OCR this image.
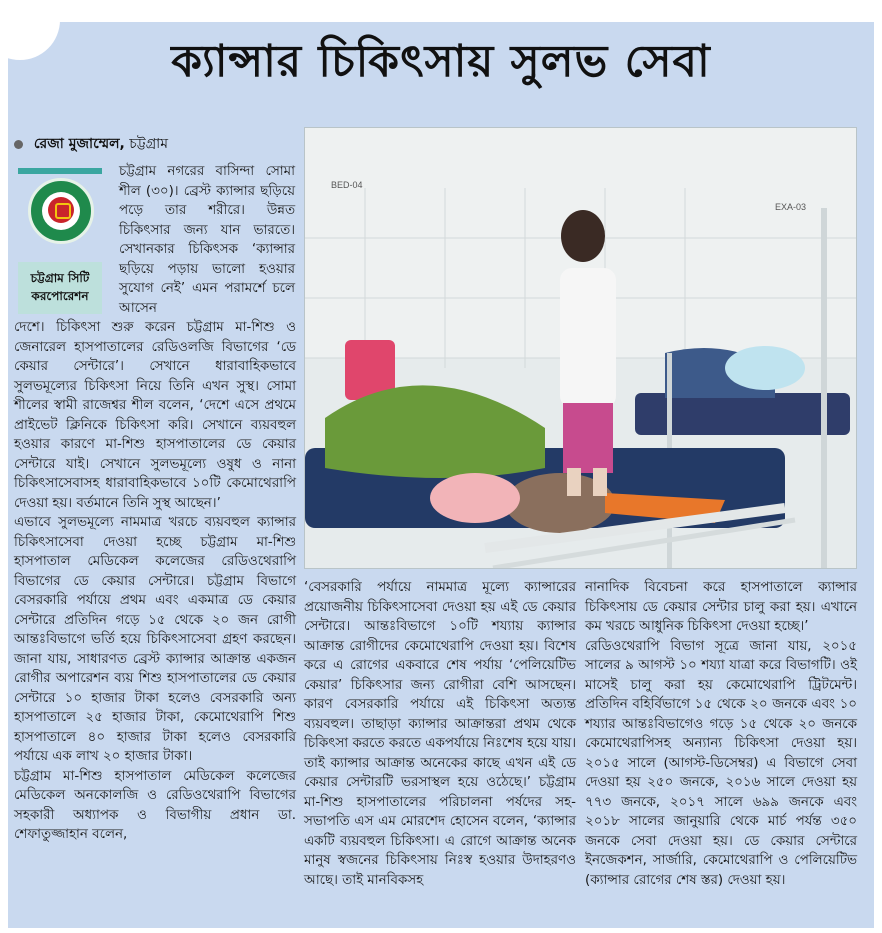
ক্যান্সার চিকিৎসায় সুলভ সেবা
রেজা মুজাম্মেল, চট্টগ্রাম
চট্টগ্রাম সিটি
করপোরেশন

চট্টগ্রাম নগরের বাসিন্দা সোমা শীল (৩০)। ব্রেস্ট ক্যান্সার ছড়িয়ে পড়ে তার শরীরে। উন্নত চিকিৎসার জন্য যান ভারতে। সেখানকার চিকিৎসক ‘ক্যান্সার ছড়িয়ে পড়ায় ভালো হওয়ার সুযোগ নেই’ এমন পরামর্শে চলে আসেন

BED-04
EXA-03

দেশে। চিকিৎসা শুরু করেন চট্টগ্রাম মা-শিশু ও জেনারেল হাসপাতালের রেডিওলজি বিভাগের ‘ডে কেয়ার সেন্টারে’। সেখানে ধারাবাহিকভাবে সুলভমূল্যের চিকিৎসা নিয়ে তিনি এখন সুস্থ। সোমা শীলের স্বামী রাজেশ্বর শীল বলেন, ‘দেশে এসে প্রথমে প্রাইভেট ক্লিনিকে চিকিৎসা করি। সেখানে ব্যয়বহুল হওয়ার কারণে মা-শিশু হাসপাতালের ডে কেয়ার সেন্টারে যাই। সেখানে সুলভমূল্যে ওষুধ ও নানা চিকিৎসাসেবাসহ ধারাবাহিকভাবে ১০টি কেমোথেরাপি দেওয়া হয়। বর্তমানে তিনি সুস্থ আছেন।’

এভাবে সুলভমূল্যে নামমাত্র খরচে ব্যয়বহুল ক্যান্সার চিকিৎসাসেবা দেওয়া হচ্ছে চট্টগ্রাম মা-শিশু হাসপাতাল মেডিকেল কলেজের রেডিওথেরাপি বিভাগের ডে কেয়ার সেন্টারে। চট্টগ্রাম বিভাগে বেসরকারি পর্যায়ে প্রথম এবং একমাত্র ডে কেয়ার সেন্টারে প্রতিদিন গড়ে ১৫ থেকে ২০ জন রোগী আন্তঃবিভাগে ভর্তি হয়ে চিকিৎসাসেবা গ্রহণ করছেন। জানা যায়, সাধারণত ব্রেস্ট ক্যান্সার আক্রান্ত একজন রোগীর অপারেশন ব্যয় শিশু হাসপাতালের ডে কেয়ার সেন্টারে ১০ হাজার টাকা হলেও বেসরকারি অন্য হাসপাতালে ২৫ হাজার টাকা, কেমোথেরাপি শিশু হাসপাতালে ৪০ হাজার টাকা হলেও বেসরকারি পর্যায়ে এক লাখ ২০ হাজার টাকা।

চট্টগ্রাম মা-শিশু হাসপাতাল মেডিকেল কলেজের মেডিকেল অনকোলজি ও রেডিওথেরাপি বিভাগের সহকারী অধ্যাপক ও বিভাগীয় প্রধান ডা. শেফাতুজ্জাহান বলেন,

‘বেসরকারি পর্যায়ে নামমাত্র মূল্যে ক্যান্সারের প্রয়োজনীয় চিকিৎসাসেবা দেওয়া হয় এই ডে কেয়ার সেন্টারে। আন্তঃবিভাগে ১০টি শয্যায় ক্যান্সার আক্রান্ত রোগীদের কেমোথেরাপি দেওয়া হয়। বিশেষ করে এ রোগের একবারে শেষ পর্যায় ‘পেলিয়েটিভ কেয়ার’ চিকিৎসার জন্য রোগীরা বেশি আসছেন। কারণ বেসরকারি পর্যায়ে এই চিকিৎসা অত্যন্ত ব্যয়বহুল। তাছাড়া ক্যান্সার আক্রান্তরা প্রথম থেকে চিকিৎসা করতে করতে একপর্যায়ে নিঃশেষ হয়ে যায়। তাই ক্যান্সার আক্রান্ত অনেকের কাছে এখন এই ডে কেয়ার সেন্টারটি ভরসাস্থল হয়ে ওঠেছে।’ চট্টগ্রাম মা-শিশু হাসপাতালের পরিচালনা পর্ষদের সহ-সভাপতি এস এম মোরশেদ হোসেন বলেন, ‘ক্যান্সার একটি ব্যয়বহুল চিকিৎসা। এ রোগে আক্রান্ত অনেক মানুষ স্বজনের চিকিৎসায় নিঃস্ব হওয়ার উদাহরণও আছে। তাই মানবিকসহ

নানাদিক বিবেচনা করে হাসপাতালে ক্যান্সার চিকিৎসায় ডে কেয়ার সেন্টার চালু করা হয়। এখানে কম খরচে আধুনিক চিকিৎসা দেওয়া হচ্ছে।’

রেডিওথেরাপি বিভাগ সূত্রে জানা যায়, ২০১৫ সালের ৯ আগস্ট ১০ শয্যা যাত্রা করে বিভাগটি। ওই মাসেই চালু করা হয় কেমোথেরাপি ট্রিটমেন্ট। প্রতিদিন বহির্বিভাগে ১৫ থেকে ২০ জনকে এবং ১০ শয্যার আন্তঃবিভাগেও গড়ে ১৫ থেকে ২০ জনকে কেমোথেরাপিসহ অন্যান্য চিকিৎসা দেওয়া হয়। ২০১৫ সালে (আগস্ট-ডিসেম্বর) এ বিভাগে সেবা দেওয়া হয় ২৫০ জনকে, ২০১৬ সালে দেওয়া হয় ৭৭৩ জনকে, ২০১৭ সালে ৬৯৯ জনকে এবং ২০১৮ সালের জানুয়ারি থেকে মার্চ পর্যন্ত ৩৫০ জনকে সেবা দেওয়া হয়। ডে কেয়ার সেন্টারে ইনজেকশন, সার্জারি, কেমোথেরাপি ও পেলিয়েটিভ (ক্যান্সার রোগের শেষ স্তর) দেওয়া হয়।
